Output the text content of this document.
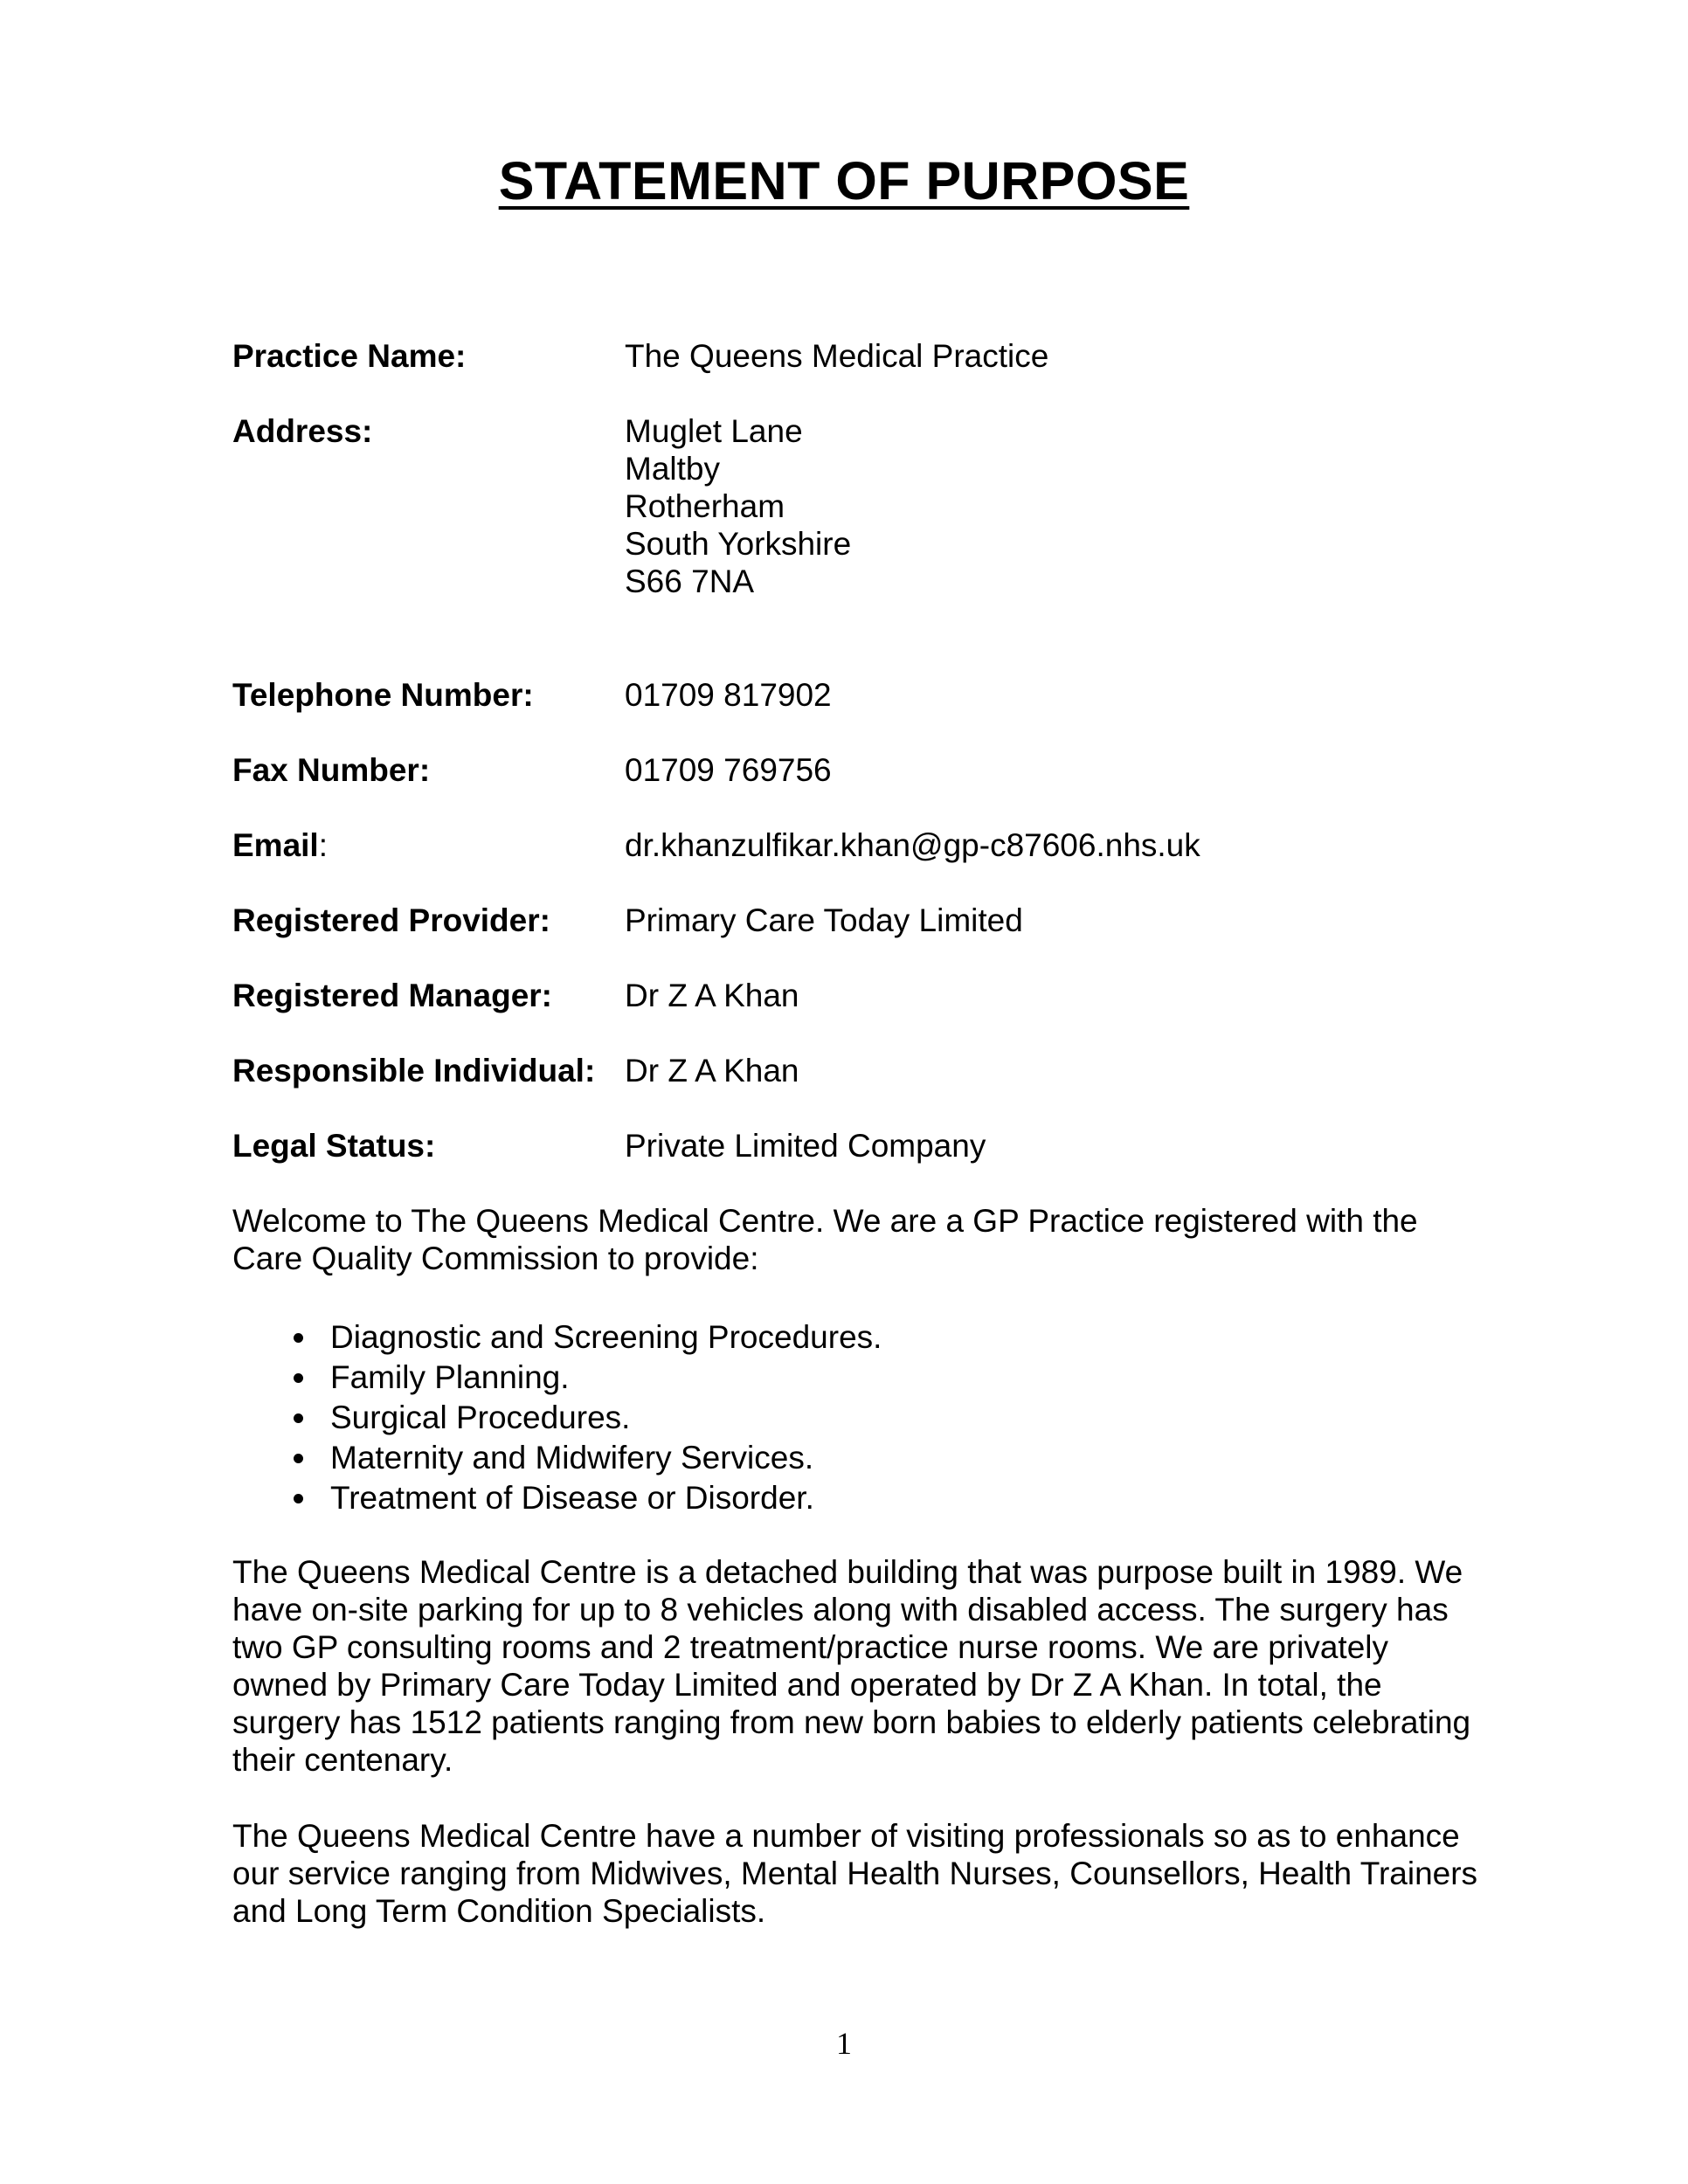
STATEMENT OF PURPOSE
Practice Name:	The Queens Medical Practice
Address:	Muglet Lane
Maltby
Rotherham
South Yorkshire
S66 7NA
Telephone Number:	01709 817902
Fax Number:	01709 769756
Email:	dr.khanzulfikar.khan@gp-c87606.nhs.uk
Registered Provider: Primary Care Today Limited
Registered Manager: Dr Z A Khan
Responsible Individual: Dr Z A Khan
Legal Status:	Private Limited Company
Welcome to The Queens Medical Centre. We are a GP Practice registered with the
Care Quality Commission to provide:
Diagnostic and Screening Procedures.
Family Planning.
Surgical Procedures.
Maternity and Midwifery Services.
Treatment of Disease or Disorder.
The Queens Medical Centre is a detached building that was purpose built in 1989. We
have on-site parking for up to 8 vehicles along with disabled access. The surgery has
two GP consulting rooms and 2 treatment/practice nurse rooms. We are privately
owned by Primary Care Today Limited and operated by Dr Z A Khan. In total, the
surgery has 1512 patients ranging from new born babies to elderly patients celebrating
their centenary.
The Queens Medical Centre have a number of visiting professionals so as to enhance
our service ranging from Midwives, Mental Health Nurses, Counsellors, Health Trainers
and Long Term Condition Specialists.
1
